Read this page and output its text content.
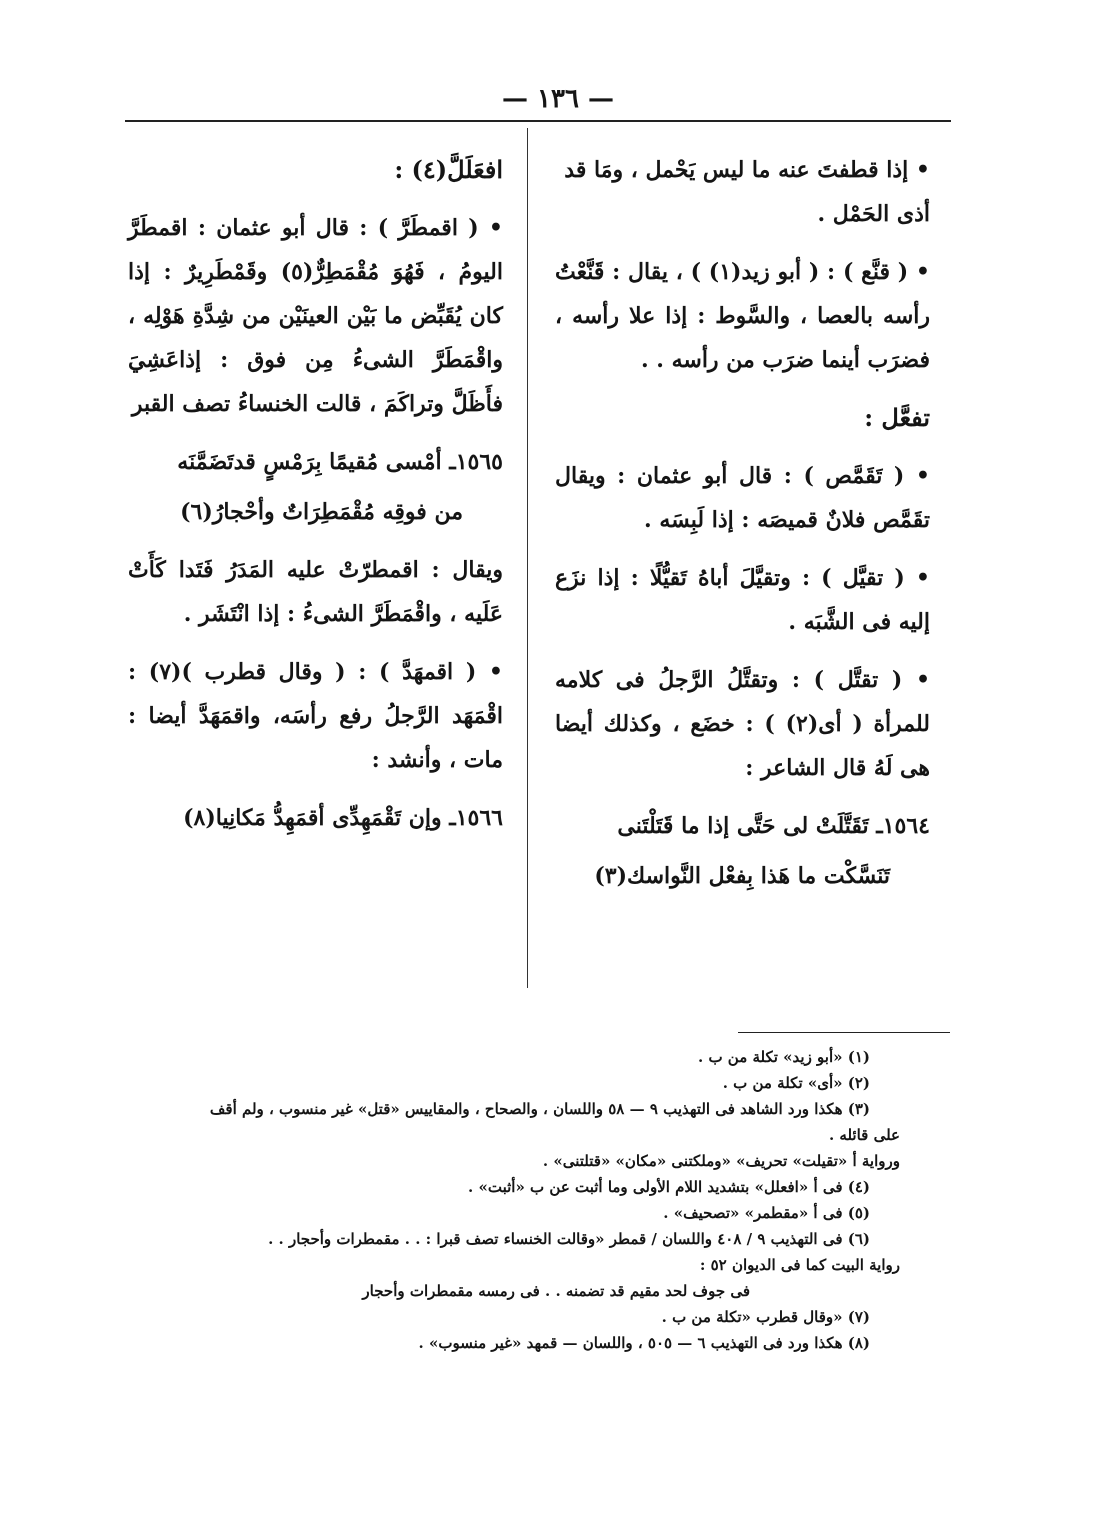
— ١٣٦ —

• إذا قطفتَ عنه ما ليس يَحْمل ، ومَا قد

أذى الحَمْل .

• ( قنَّع ) : ( أبو زيد(١) ) ، يقال : قَنَّعْتُ رأسه بالعصا ، والسَّوط : إذا علا رأسه ، فضرَب أينما ضرَب من رأسه . .

تفعَّل :

• ( تَقَمَّص ) : قال أبو عثمان : ويقال تقَمَّص فلانٌ قميصَه : إذا لَبِسَه .

• ( تقيَّل ) : وتقيَّلَ أباهُ تَقيُّلًا : إذا نزَع إليه فى الشَّبَه .

• ( تقتَّل ) : وتقتَّلُ الرَّجلُ فى كلامه للمرأة ( أى(٢) ) : خضَع ، وكذلك أيضا هى لَهُ قال الشاعر :

١٥٦٤ـ تَقَتَّلَتْ لى حَتَّى إذا ما قَتَلْتَنى

تَنَسَّكْت ما هَذا بِفعْل النَّواسك(٣)

افعَلَلَّ(٤) :

• ( اقمطَرَّ ) : قال أبو عثمان : اقمطَرَّ اليومُ ، فَهُوَ مُقْمَطِرٌّ(٥) وقَمْطَرِيرٌ : إذا كان يُقَبِّض ما بَيْن العينَيْن من شِدَّةِ هَوْلِه ، واقْمَطَرَّ الشىءُ مِن فوق : إذاعَشِيَ فأَظَلَّ وتراكَمَ ، قالت الخنساءُ تصف القبر

١٥٦٥ـ أمْسى مُقيمًا بِرَمْسٍ قدتَضَمَّنَه

من فوقِه مُقْمَطِرَاتٌ وأحْجارُ(٦)

ويقال : اقمطرّتْ عليه المَدَرُ فَتَدا كَأَتْ عَلَيه ، واقْمَطَرَّ الشىءُ : إذا انْتَشَر .

• ( اقمهَدَّ ) : ( وقال قطرب )(٧) : اقْمَهَد الرَّجلُ رفع رأسَه، واقمَهَدَّ أيضا : مات ، وأنشد :

١٥٦٦ـ وإن تَقْمَهِدِّى أقمَهِدُّ مَكانِيا(٨)

(١) «أبو زيد» تكلة من ب .

(٢) «أى» تكلة من ب .

(٣) هكذا ورد الشاهد فى التهذيب ٩ — ٥٨ واللسان ، والصحاح ، والمقاييس «قتل» غير منسوب ، ولم أقف

على قائله .

ورواية أ «تقيلت» تحريف» «وملكتنى «مكان» «قتلتنى» .

(٤) فى أ «افعلل» بتشديد اللام الأولى وما أثبت عن ب «أثبت» .

(٥) فى أ «مقطمر» «تصحيف» .

(٦) فى التهذيب ٩ / ٤٠٨ واللسان / قمطر «وقالت الخنساء تصف قبرا : . . مقمطرات وأحجار . .

رواية البيت كما فى الديوان ٥٢ :

فى جوف لحد مقيم قد تضمنه . . فى رمسه مقمطرات وأحجار

(٧) «وقال قطرب «تكلة من ب .

(٨) هكذا ورد فى التهذيب ٦ — ٥٠٥ ، واللسان — قمهد «غير منسوب» .
